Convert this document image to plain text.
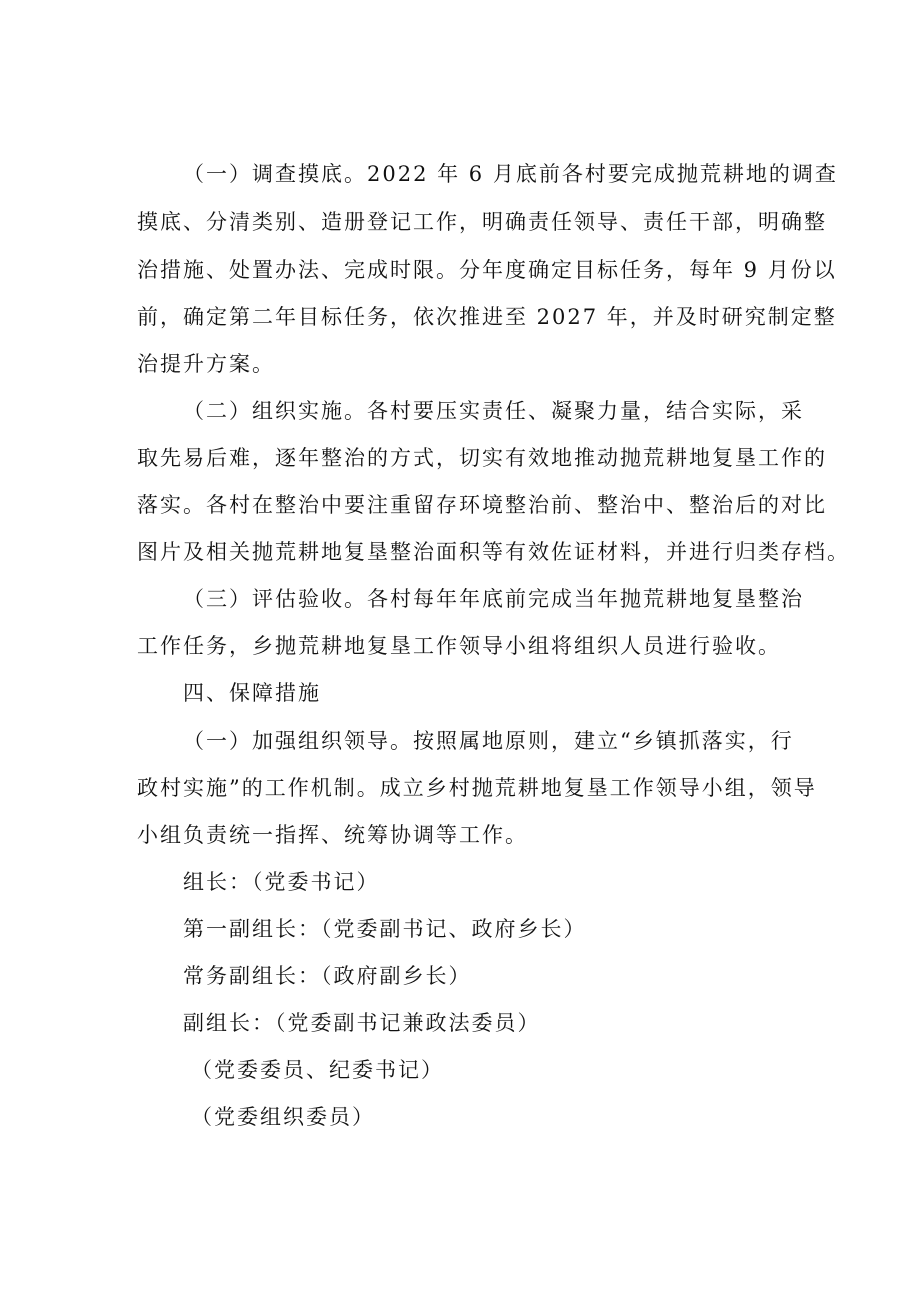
（一）调查摸底。2022 年 6 月底前各村要完成抛荒耕地的调查
摸底、分清类别、造册登记工作，明确责任领导、责任干部，明确整
治措施、处置办法、完成时限。分年度确定目标任务，每年 9 月份以
前，确定第二年目标任务，依次推进至 2027 年，并及时研究制定整
治提升方案。
（二）组织实施。各村要压实责任、凝聚力量，结合实际，采
取先易后难，逐年整治的方式，切实有效地推动抛荒耕地复垦工作的
落实。各村在整治中要注重留存环境整治前、整治中、整治后的对比
图片及相关抛荒耕地复垦整治面积等有效佐证材料，并进行归类存档。
（三）评估验收。各村每年年底前完成当年抛荒耕地复垦整治
工作任务，乡抛荒耕地复垦工作领导小组将组织人员进行验收。
四、保障措施
（一）加强组织领导。按照属地原则，建立“乡镇抓落实，行
政村实施”的工作机制。成立乡村抛荒耕地复垦工作领导小组，领导
小组负责统一指挥、统筹协调等工作。
组长：（党委书记）
第一副组长：（党委副书记、政府乡长）
常务副组长：（政府副乡长）
副组长：（党委副书记兼政法委员）
（党委委员、纪委书记）
（党委组织委员）
